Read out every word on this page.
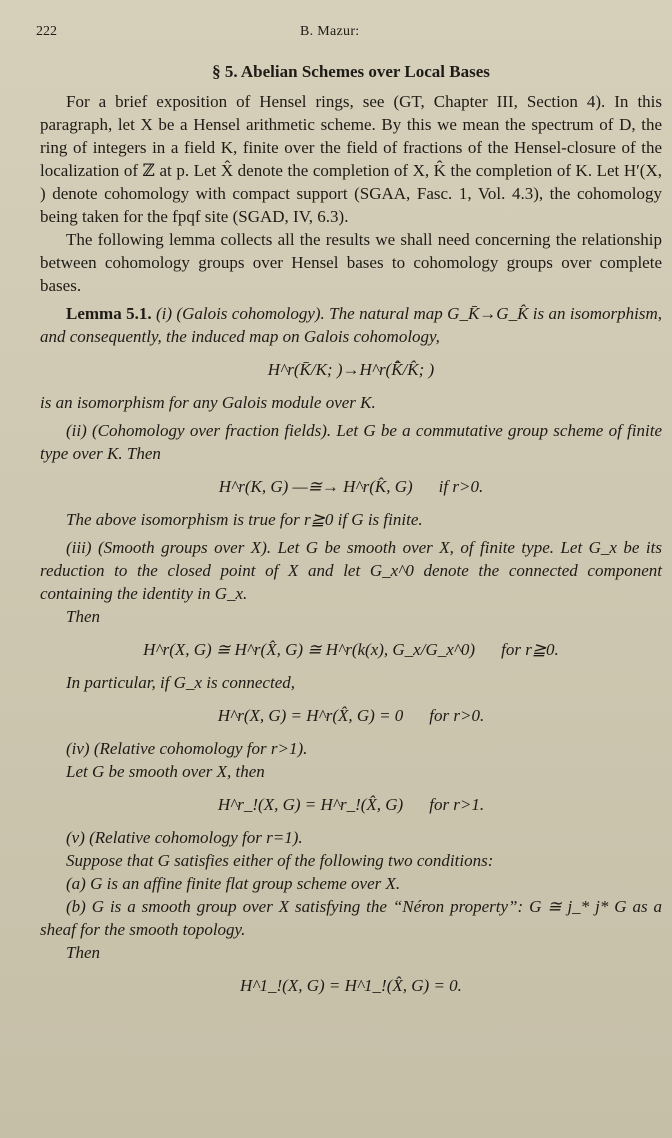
222	B. Mazur:
§ 5. Abelian Schemes over Local Bases

For a brief exposition of Hensel rings, see (GT, Chapter III, Section 4). In this paragraph, let X be a Hensel arithmetic scheme. By this we mean the spectrum of D, the ring of integers in a field K, finite over the field of fractions of the Hensel-closure of the localization of ℤ at p. Let X̂ denote the completion of X, K̂ the completion of K. Let H′(X, ) denote cohomology with compact support (SGAA, Fasc. 1, Vol. 4.3), the cohomology being taken for the fpqf site (SGAD, IV, 6.3).

The following lemma collects all the results we shall need concerning the relationship between cohomology groups over Hensel bases to cohomology groups over complete bases.

Lemma 5.1. (i) (Galois cohomology). The natural map G_K̄→G_K̂ is an isomorphism, and consequently, the induced map on Galois cohomology,

H^r(K̄/K; )→H^r(K̂̄/K̂; )

is an isomorphism for any Galois module over K.

(ii) (Cohomology over fraction fields). Let G be a commutative group scheme of finite type over K. Then

H^r(K, G) —≅→ H^r(K̂, G) if r>0.

The above isomorphism is true for r≧0 if G is finite.

(iii) (Smooth groups over X). Let G be smooth over X, of finite type. Let G_x be its reduction to the closed point of X and let G_x^0 denote the connected component containing the identity in G_x.

Then

H^r(X, G) ≅ H^r(X̂, G) ≅ H^r(k(x), G_x/G_x^0) for r≧0.

In particular, if G_x is connected,

H^r(X, G) = H^r(X̂, G) = 0 for r>0.

(iv) (Relative cohomology for r>1).

Let G be smooth over X, then

H^r_!(X, G) = H^r_!(X̂, G) for r>1.

(v) (Relative cohomology for r=1).

Suppose that G satisfies either of the following two conditions:

(a) G is an affine finite flat group scheme over X.

(b) G is a smooth group over X satisfying the “Néron property”: G ≅ j_* j* G as a sheaf for the smooth topology.

Then

H^1_!(X, G) = H^1_!(X̂, G) = 0.
